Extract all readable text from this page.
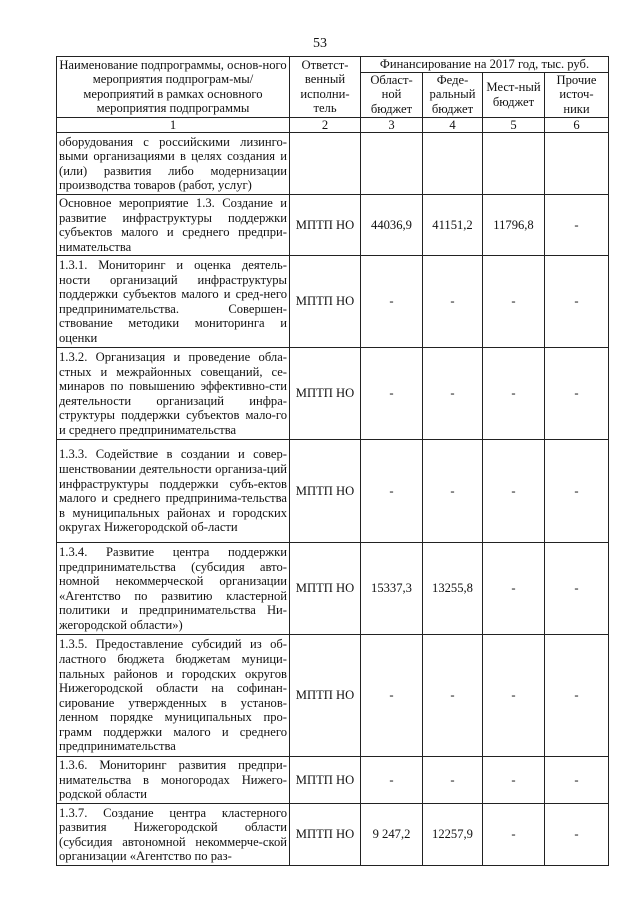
53
Наименование подпрограммы, основ-ного мероприятия подпрограм-мы/мероприятий в рамках основного мероприятия подпрограммы	Ответст-венный исполни-тель	Финансирование на 2017 год, тыс. руб.			
		Област-ной бюджет	Феде-ральный бюджет	Мест-ный бюджет	Прочие источ-ники
1	2	3	4	5	6
оборудования с российскими лизинго-выми организациями в целях создания и (или) развития либо модернизации производства товаров (работ, услуг)					
Основное мероприятие 1.3. Создание и развитие инфраструктуры поддержки субъектов малого и среднего предпри-нимательства	МПТП НО	44036,9	41151,2	11796,8	-
1.3.1. Мониторинг и оценка деятель-ности организаций инфраструктуры поддержки субъектов малого и сред-него предпринимательства. Совершен-ствование методики мониторинга и оценки	МПТП НО	-	-	-	-
1.3.2. Организация и проведение обла-стных и межрайонных совещаний, се-минаров по повышению эффективно-сти деятельности организаций инфра-структуры поддержки субъектов мало-го и среднего предпринимательства	МПТП НО	-	-	-	-
1.3.3. Содействие в создании и совер-шенствовании деятельности организа-ций инфраструктуры поддержки субъ-ектов малого и среднего предпринима-тельства в муниципальных районах и городских округах Нижегородской об-ласти	МПТП НО	-	-	-	-
1.3.4. Развитие центра поддержки предпринимательства (субсидия авто-номной некоммерческой организации «Агентство по развитию кластерной политики и предпринимательства Ни-жегородской области»)	МПТП НО	15337,3	13255,8	-	-
1.3.5. Предоставление субсидий из об-ластного бюджета бюджетам муници-пальных районов и городских округов Нижегородской области на софинан-сирование утвержденных в установ-ленном порядке муниципальных про-грамм поддержки малого и среднего предпринимательства	МПТП НО	-	-	-	-
1.3.6. Мониторинг развития предпри-нимательства в моногородах Нижего-родской области	МПТП НО	-	-	-	-
1.3.7. Создание центра кластерного развития Нижегородской области (субсидия автономной некоммерче-ской организации «Агентство по раз-	МПТП НО	9 247,2	12257,9	-	-
